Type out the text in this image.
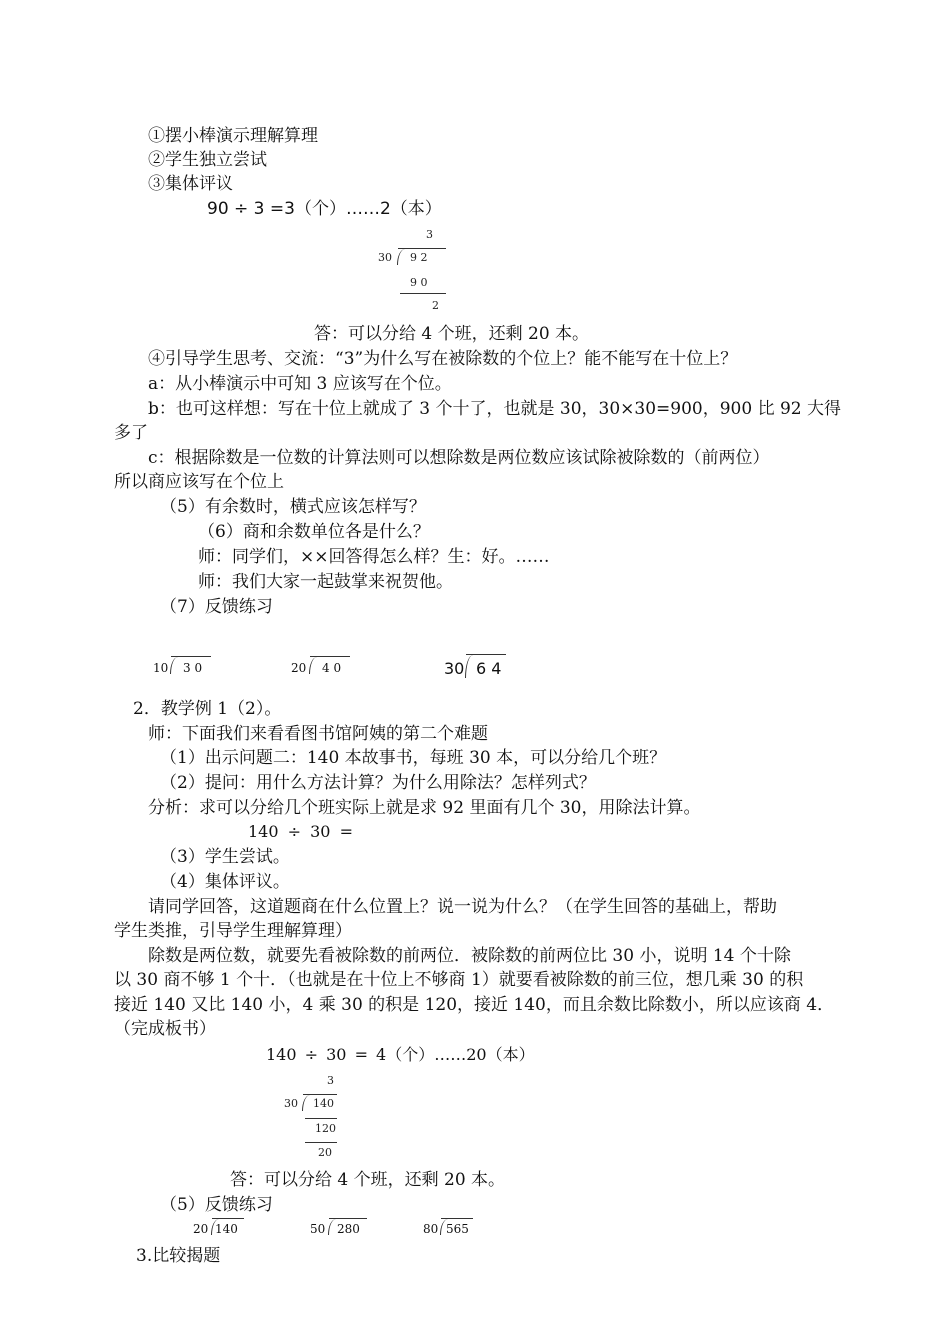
①摆小棒演示理解算理
②学生独立尝试
③集体评议
90 ÷ 3 =3（个）……2（本）
3
30 9 2
9 0
2
答：可以分给 4 个班，还剩 20 本。
④引导学生思考、交流：“3”为什么写在被除数的个位上？能不能写在十位上？
a：从小棒演示中可知 3 应该写在个位。
b：也可这样想：写在十位上就成了 3 个十了，也就是 30，30×30=900，900 比 92 大得
多了
c：根据除数是一位数的计算法则可以想除数是两位数应该试除被除数的（前两位）
所以商应该写在个位上
（5）有余数时，横式应该怎样写？
（6）商和余数单位各是什么？
师：同学们，××回答得怎么样？生：好。……
师：我们大家一起鼓掌来祝贺他。
（7）反馈练习
10 3 0	20 4 0	30 6 4
2．教学例 1（2）。
师：下面我们来看看图书馆阿姨的第二个难题
（1）出示问题二：140 本故事书，每班 30 本，可以分给几个班？
（2）提问：用什么方法计算？为什么用除法？怎样列式？
分析：求可以分给几个班实际上就是求 92 里面有几个 30，用除法计算。
140 ÷ 30 =
（3）学生尝试。
（4）集体评议。
请同学回答，这道题商在什么位置上？说一说为什么？（在学生回答的基础上，帮助
学生类推，引导学生理解算理）
除数是两位数，就要先看被除数的前两位．被除数的前两位比 30 小，说明 14 个十除
以 30 商不够 1 个十．（也就是在十位上不够商 1）就要看被除数的前三位，想几乘 30 的积
接近 140 又比 140 小，4 乘 30 的积是 120，接近 140，而且余数比除数小，所以应该商 4．
（完成板书）
140 ÷ 30 = 4（个）……20（本）
3
30 140
120
20
答：可以分给 4 个班，还剩 20 本。
（5）反馈练习
20 140	50 280	80 565
3.比较揭题
